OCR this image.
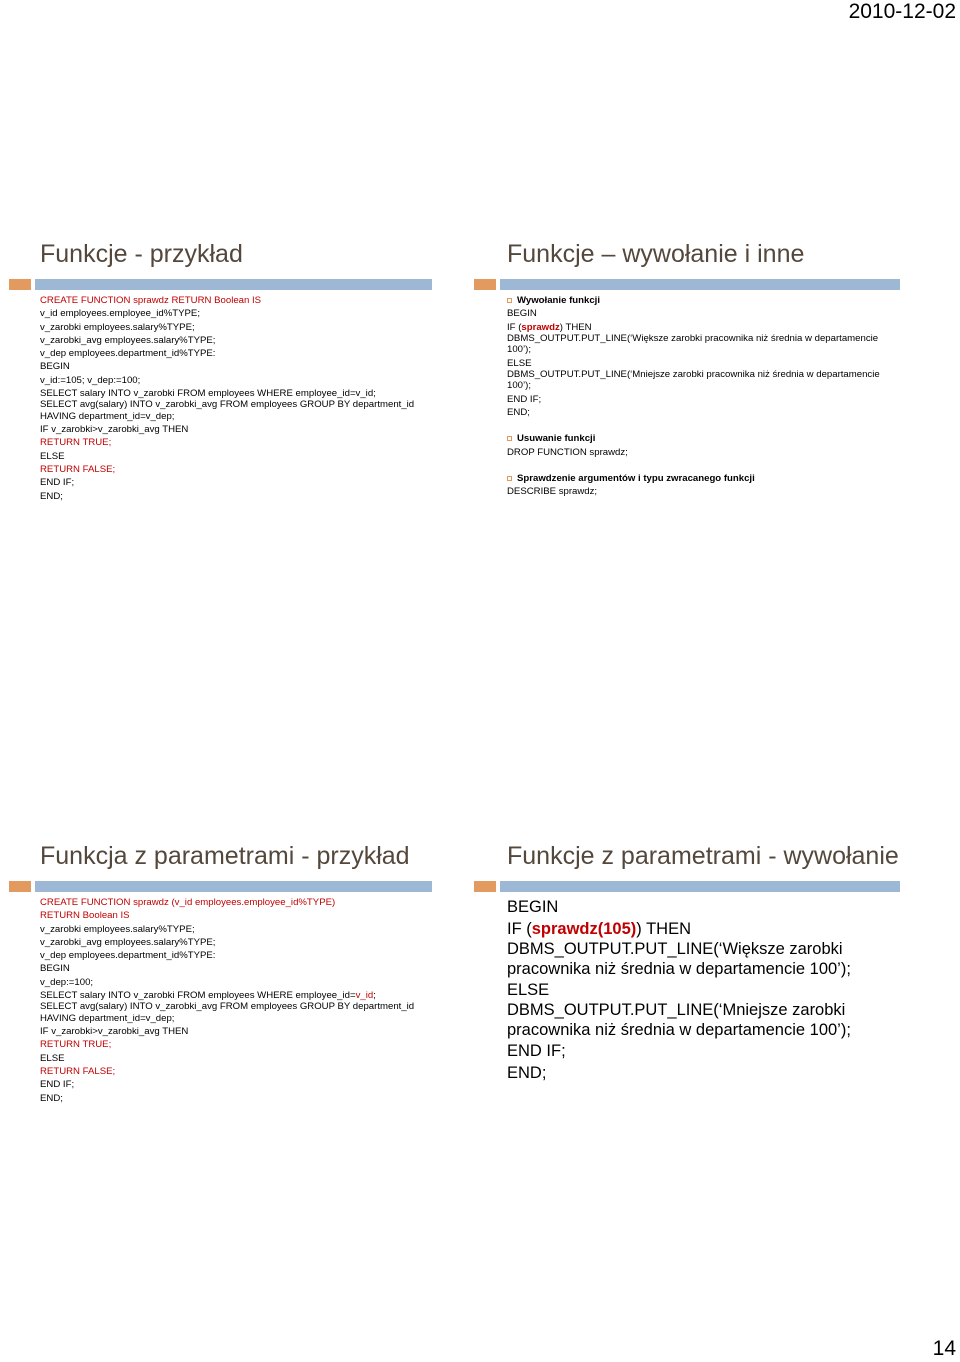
2010-12-02
Funkcje - przykład
CREATE FUNCTION sprawdz RETURN Boolean IS
v_id employees.employee_id%TYPE;
v_zarobki employees.salary%TYPE;
v_zarobki_avg employees.salary%TYPE;
v_dep employees.department_id%TYPE:
BEGIN
v_id:=105; v_dep:=100;
SELECT salary INTO v_zarobki FROM employees WHERE employee_id=v_id;
SELECT avg(salary) INTO v_zarobki_avg FROM employees GROUP BY department_id
HAVING department_id=v_dep;
IF v_zarobki>v_zarobki_avg THEN
RETURN TRUE;
ELSE
RETURN FALSE;
END IF;
END;
Funkcje – wywołanie i inne
Wywołanie funkcji
BEGIN
IF (sprawdz) THEN
DBMS_OUTPUT.PUT_LINE(‘Większe zarobki pracownika niż średnia w departamencie
100’);
ELSE
DBMS_OUTPUT.PUT_LINE(‘Mniejsze zarobki pracownika niż średnia w departamencie
100’);
END IF;
END;
Usuwanie funkcji
DROP FUNCTION sprawdz;
Sprawdzenie argumentów i typu zwracanego funkcji
DESCRIBE sprawdz;
Funkcja z parametrami - przykład
CREATE FUNCTION sprawdz (v_id employees.employee_id%TYPE)
RETURN Boolean IS
v_zarobki employees.salary%TYPE;
v_zarobki_avg employees.salary%TYPE;
v_dep employees.department_id%TYPE:
BEGIN
v_dep:=100;
SELECT salary INTO v_zarobki FROM employees WHERE employee_id=v_id;
SELECT avg(salary) INTO v_zarobki_avg FROM employees GROUP BY department_id
HAVING department_id=v_dep;
IF v_zarobki>v_zarobki_avg THEN
RETURN TRUE;
ELSE
RETURN FALSE;
END IF;
END;
Funkcje z parametrami - wywołanie
BEGIN
IF (sprawdz(105)) THEN
DBMS_OUTPUT.PUT_LINE(‘Większe zarobki
pracownika niż średnia w departamencie 100’);
ELSE
DBMS_OUTPUT.PUT_LINE(‘Mniejsze zarobki
pracownika niż średnia w departamencie 100’);
END IF;
END;
14
